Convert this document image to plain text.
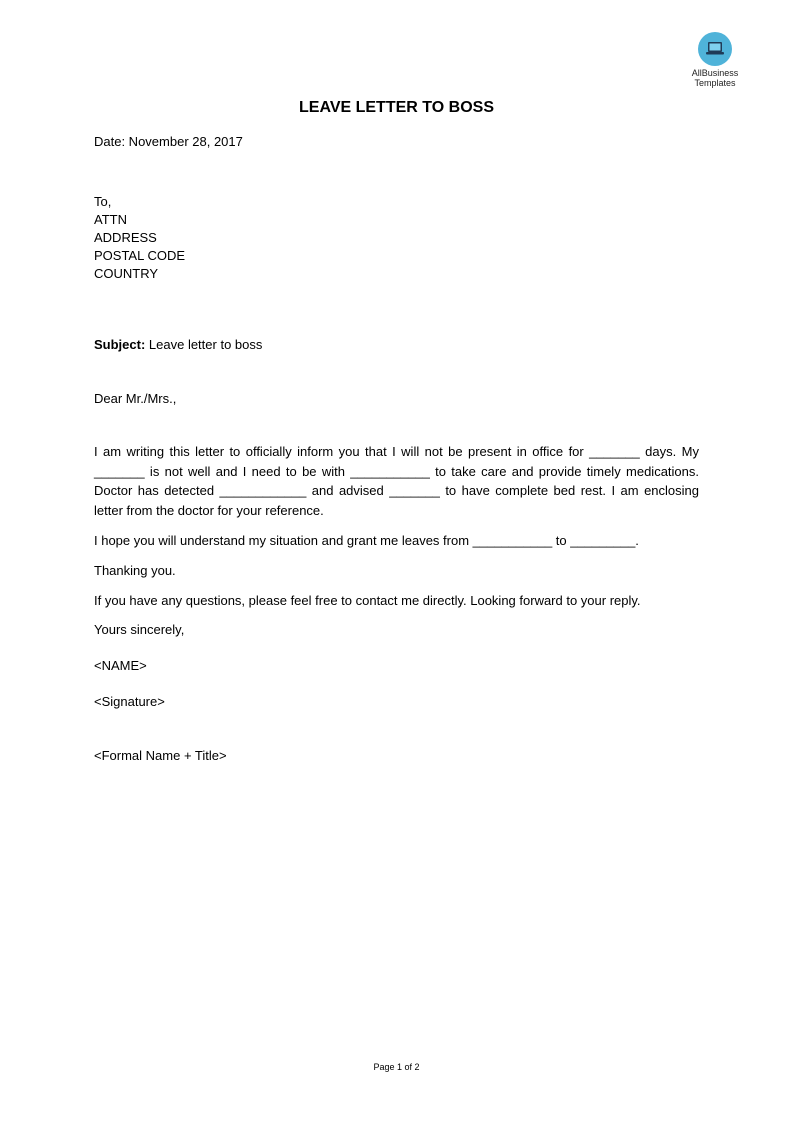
AllBusiness
Templates
LEAVE LETTER TO BOSS
Date: November 28, 2017
To,
ATTN
ADDRESS
POSTAL CODE
COUNTRY
Subject: Leave letter to boss
Dear Mr./Mrs.,
I am writing this letter to officially inform you that I will not be present in office for _______ days. My _______ is not well and I need to be with ___________ to take care and provide timely medications. Doctor has detected ____________ and advised _______ to have complete bed rest. I am enclosing letter from the doctor for your reference.
I hope you will understand my situation and grant me leaves from ___________ to _________.
Thanking you.
If you have any questions, please feel free to contact me directly. Looking forward to your reply.
Yours sincerely,
<NAME>
<Signature>
<Formal Name + Title>
Page 1 of 2
